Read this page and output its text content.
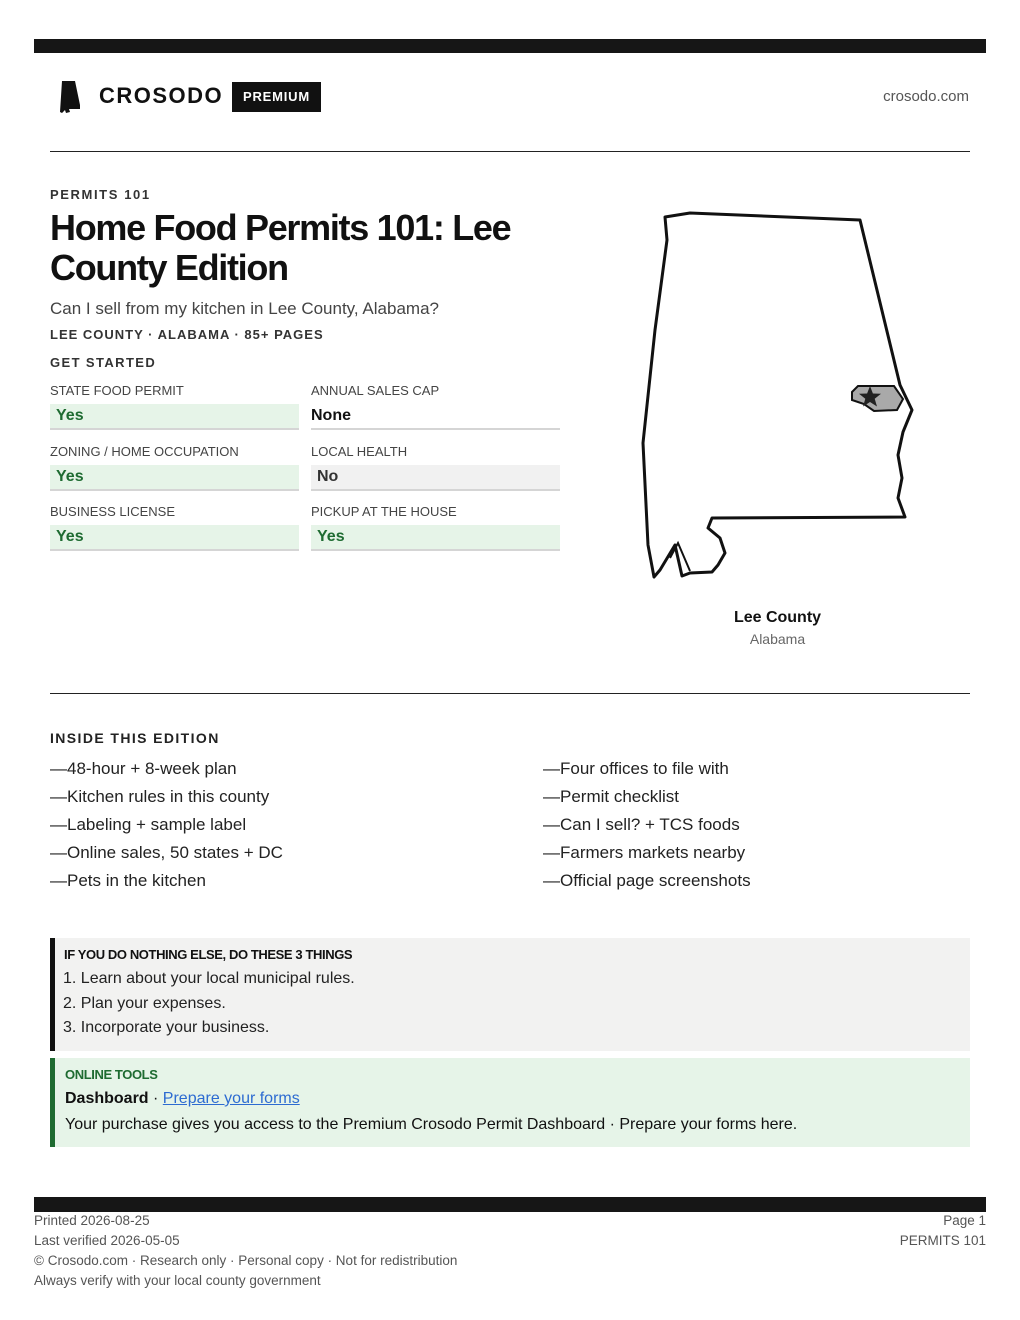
CROSODO	PREMIUM	crosodo.com
PERMITS 101
Home Food Permits 101: Lee County Edition
Can I sell from my kitchen in Lee County, Alabama?
LEE COUNTY · ALABAMA · 85+ PAGES
GET STARTED
STATE FOOD PERMIT
Yes
ANNUAL SALES CAP
None
ZONING / HOME OCCUPATION
Yes
LOCAL HEALTH
No
BUSINESS LICENSE
Yes
PICKUP AT THE HOUSE
Yes
Lee County
Alabama
INSIDE THIS EDITION
—48-hour + 8-week plan
—Kitchen rules in this county
—Labeling + sample label
—Online sales, 50 states + DC
—Pets in the kitchen
—Four offices to file with
—Permit checklist
—Can I sell? + TCS foods
—Farmers markets nearby
—Official page screenshots
IF YOU DO NOTHING ELSE, DO THESE 3 THINGS
1. Learn about your local municipal rules.
2. Plan your expenses.
3. Incorporate your business.
ONLINE TOOLS
Dashboard · Prepare your forms
Your purchase gives you access to the Premium Crosodo Permit Dashboard · Prepare your forms here.
Printed 2026-08-25
Last verified 2026-05-05
© Crosodo.com · Research only · Personal copy · Not for redistribution
Always verify with your local county government
Page 1
PERMITS 101
